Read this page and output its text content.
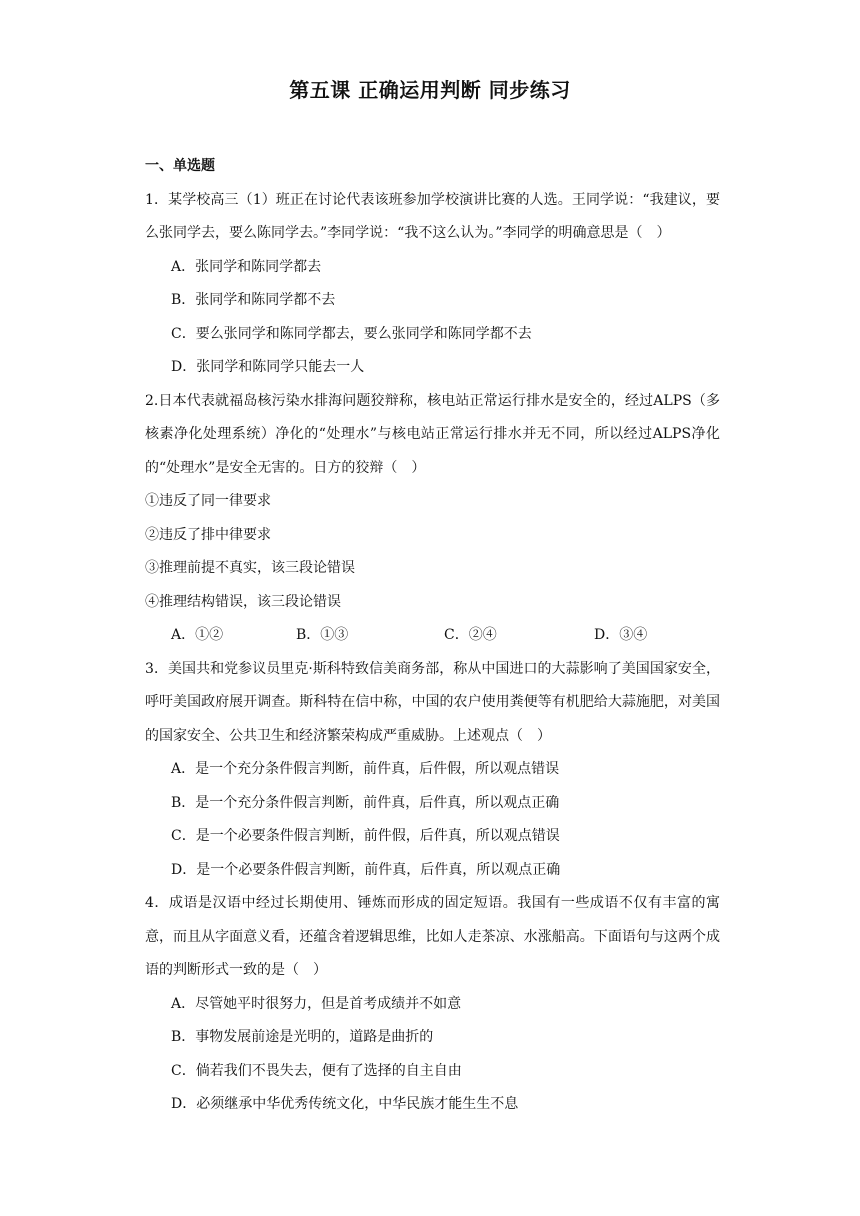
第五课 正确运用判断 同步练习
一、单选题
1．某学校高三（1）班正在讨论代表该班参加学校演讲比赛的人选。王同学说：“我建议，要么张同学去，要么陈同学去。”李同学说：“我不这么认为。”李同学的明确意思是（　）
A．张同学和陈同学都去
B．张同学和陈同学都不去
C．要么张同学和陈同学都去，要么张同学和陈同学都不去
D．张同学和陈同学只能去一人
2.日本代表就福岛核污染水排海问题狡辩称，核电站正常运行排水是安全的，经过ALPS（多核素净化处理系统）净化的“处理水”与核电站正常运行排水并无不同，所以经过ALPS净化的“处理水”是安全无害的。日方的狡辩（　）
①违反了同一律要求
②违反了排中律要求
③推理前提不真实，该三段论错误
④推理结构错误，该三段论错误
A．①②	B．①③	C．②④	D．③④
3．美国共和党参议员里克·斯科特致信美商务部，称从中国进口的大蒜影响了美国国家安全，呼吁美国政府展开调查。斯科特在信中称，中国的农户使用粪便等有机肥给大蒜施肥，对美国的国家安全、公共卫生和经济繁荣构成严重威胁。上述观点（　）
A．是一个充分条件假言判断，前件真，后件假，所以观点错误
B．是一个充分条件假言判断，前件真，后件真，所以观点正确
C．是一个必要条件假言判断，前件假，后件真，所以观点错误
D．是一个必要条件假言判断，前件真，后件真，所以观点正确
4．成语是汉语中经过长期使用、锤炼而形成的固定短语。我国有一些成语不仅有丰富的寓意，而且从字面意义看，还蕴含着逻辑思维，比如人走茶凉、水涨船高。下面语句与这两个成语的判断形式一致的是（　）
A．尽管她平时很努力，但是首考成绩并不如意
B．事物发展前途是光明的，道路是曲折的
C．倘若我们不畏失去，便有了选择的自主自由
D．必须继承中华优秀传统文化，中华民族才能生生不息
